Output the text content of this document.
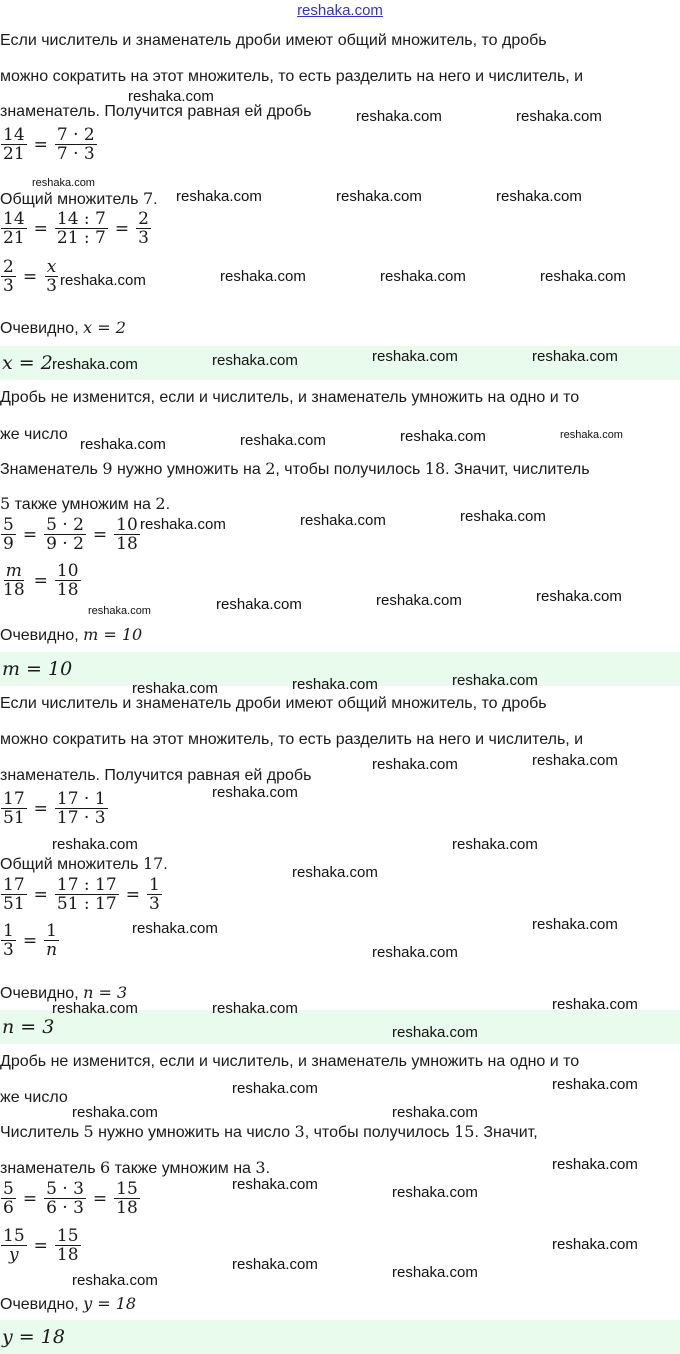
reshaka.com
Если числитель и знаменатель дроби имеют общий множитель, то дробь
можно сократить на этот множитель, то есть разделить на него и числитель, и
знаменатель. Получится равная ей дробь
$\frac{14}{21} = \frac{7 \cdot 2}{7 \cdot 3}$
Общий множитель 7.
$\frac{14}{21} = \frac{14 : 7}{21 : 7} = \frac{2}{3}$
$\frac{2}{3} = \frac{x}{3}$
Очевидно, x = 2
x = 2
Дробь не изменится, если и числитель, и знаменатель умножить на одно и то
же число
Знаменатель 9 нужно умножить на 2, чтобы получилось 18. Значит, числитель
5 также умножим на 2.
$\frac{5}{9} = \frac{5 \cdot 2}{9 \cdot 2} = \frac{10}{18}$
$\frac{m}{18} = \frac{10}{18}$
Очевидно, m = 10
m = 10
Если числитель и знаменатель дроби имеют общий множитель, то дробь
можно сократить на этот множитель, то есть разделить на него и числитель, и
знаменатель. Получится равная ей дробь
$\frac{17}{51} = \frac{17 \cdot 1}{17 \cdot 3}$
Общий множитель 17.
$\frac{17}{51} = \frac{17 : 17}{51 : 17} = \frac{1}{3}$
$\frac{1}{3} = \frac{1}{n}$
Очевидно, n = 3
n = 3
Дробь не изменится, если и числитель, и знаменатель умножить на одно и то
же число
Числитель 5 нужно умножить на число 3, чтобы получилось 15. Значит,
знаменатель 6 также умножим на 3.
$\frac{5}{6} = \frac{5 \cdot 3}{6 \cdot 3} = \frac{15}{18}$
$\frac{15}{y} = \frac{15}{18}$
Очевидно, y = 18
y = 18
reshaka.com
reshaka.com	reshaka.com
reshaka.com
reshaka.com	reshaka.com	reshaka.com
reshaka.com	reshaka.com	reshaka.com	reshaka.com
reshaka.com	reshaka.com	reshaka.com	reshaka.com
reshaka.com	reshaka.com	reshaka.com	reshaka.com
reshaka.com	reshaka.com	reshaka.com
reshaka.com	reshaka.com	reshaka.com	reshaka.com
reshaka.com	reshaka.com	reshaka.com
reshaka.com	reshaka.com
reshaka.com
reshaka.com	reshaka.com
reshaka.com
reshaka.com	reshaka.com
reshaka.com
reshaka.com	reshaka.com	reshaka.com
reshaka.com
reshaka.com
reshaka.com
reshaka.com	reshaka.com
reshaka.com
reshaka.com	reshaka.com
reshaka.com
reshaka.com	reshaka.com
reshaka.com
